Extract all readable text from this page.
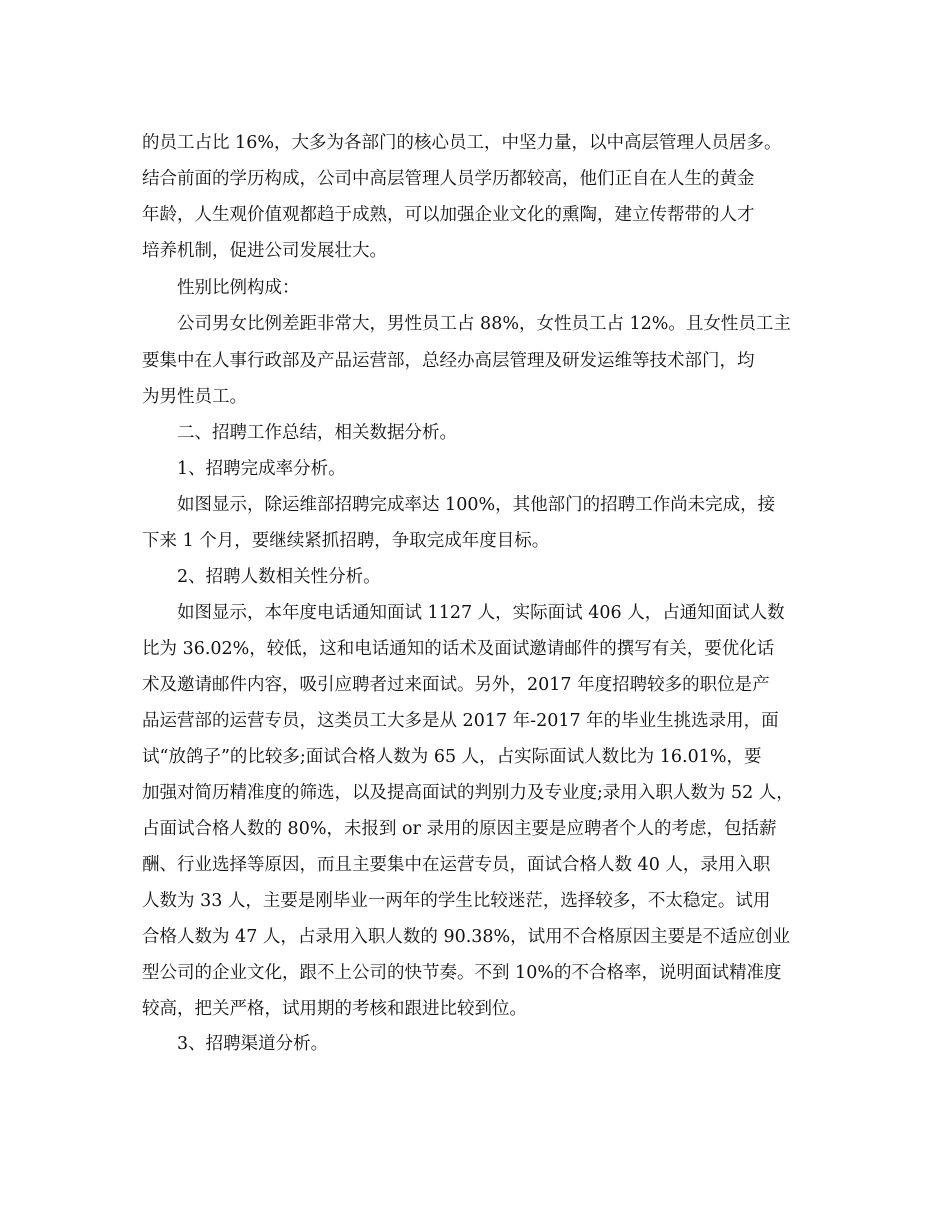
的员工占比 16%，大多为各部门的核心员工，中坚力量，以中高层管理人员居多。
结合前面的学历构成，公司中高层管理人员学历都较高，他们正自在人生的黄金
年龄，人生观价值观都趋于成熟，可以加强企业文化的熏陶，建立传帮带的人才
培养机制，促进公司发展壮大。
性别比例构成：
公司男女比例差距非常大，男性员工占 88%，女性员工占 12%。且女性员工主
要集中在人事行政部及产品运营部，总经办高层管理及研发运维等技术部门，均
为男性员工。
二、招聘工作总结，相关数据分析。
1、招聘完成率分析。
如图显示，除运维部招聘完成率达 100%，其他部门的招聘工作尚未完成，接
下来 1 个月，要继续紧抓招聘，争取完成年度目标。
2、招聘人数相关性分析。
如图显示，本年度电话通知面试 1127 人，实际面试 406 人，占通知面试人数
比为 36.02%，较低，这和电话通知的话术及面试邀请邮件的撰写有关，要优化话
术及邀请邮件内容，吸引应聘者过来面试。另外，2017 年度招聘较多的职位是产
品运营部的运营专员，这类员工大多是从 2017 年-2017 年的毕业生挑选录用，面
试“放鸽子”的比较多;面试合格人数为 65 人，占实际面试人数比为 16.01%，要
加强对简历精准度的筛选，以及提高面试的判别力及专业度;录用入职人数为 52 人，
占面试合格人数的 80%，未报到 or 录用的原因主要是应聘者个人的考虑，包括薪
酬、行业选择等原因，而且主要集中在运营专员，面试合格人数 40 人，录用入职
人数为 33 人，主要是刚毕业一两年的学生比较迷茫，选择较多，不太稳定。试用
合格人数为 47 人，占录用入职人数的 90.38%，试用不合格原因主要是不适应创业
型公司的企业文化，跟不上公司的快节奏。不到 10%的不合格率，说明面试精准度
较高，把关严格，试用期的考核和跟进比较到位。
3、招聘渠道分析。
